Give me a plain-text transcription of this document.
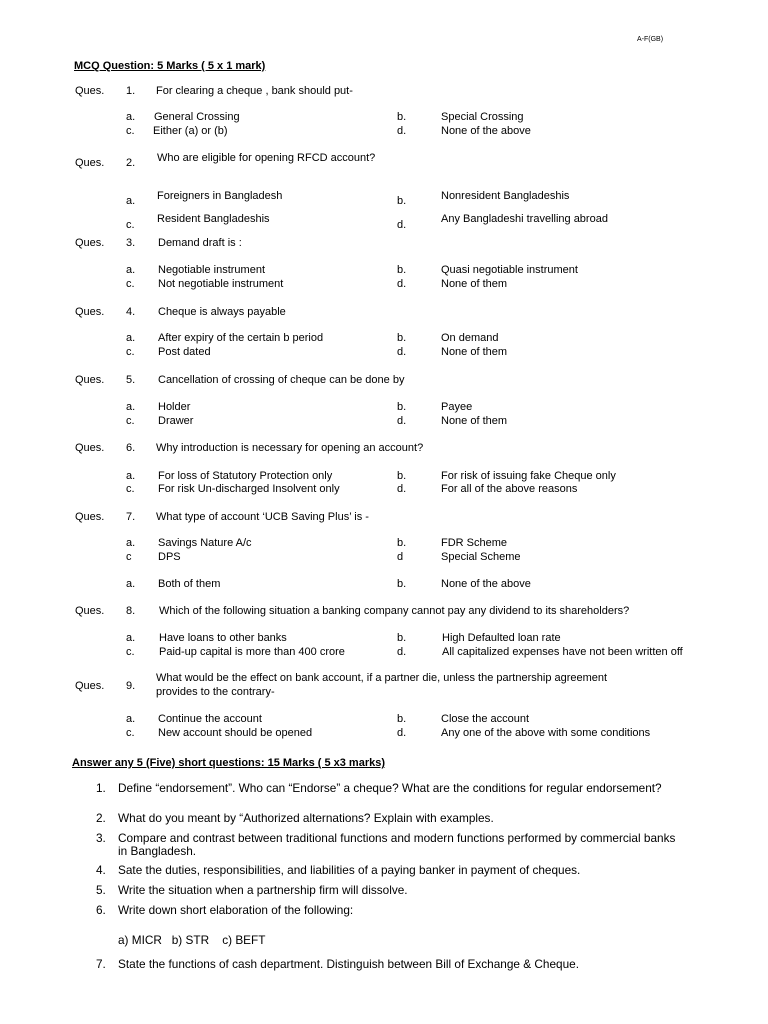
A-F(GB)
MCQ Question: 5 Marks ( 5 x 1 mark)
Ques. 1. For clearing a cheque , bank should put-
a. General Crossing	b.	Special Crossing
c. Either (a) or (b)	d.	None of the above
Ques. 2. Who are eligible for opening RFCD account?
a. Foreigners in Bangladesh	b.	Nonresident Bangladeshis
c. Resident Bangladeshis	d.	Any Bangladeshi travelling abroad
Ques. 3. Demand draft is :
a. Negotiable instrument	b.	Quasi negotiable instrument
c. Not negotiable instrument	d.	None of them
Ques. 4. Cheque is always payable
a. After expiry of the certain b period	b.	On demand
c. Post dated	d.	None of them
Ques. 5. Cancellation of crossing of cheque can be done by
a. Holder	b.	Payee
c. Drawer	d.	None of them
Ques. 6. Why introduction is necessary for opening an account?
a. For loss of Statutory Protection only	b.	For risk of issuing fake Cheque only
c. For risk Un-discharged Insolvent only	d.	For all of the above reasons
Ques. 7. What type of account ‘UCB Saving Plus’ is -
a. Savings Nature A/c	b.	FDR Scheme
c DPS	d	Special Scheme
a. Both of them	b.	None of the above
Ques. 8. Which of the following situation a banking company cannot pay any dividend to its shareholders?
a. Have loans to other banks	b.	High Defaulted loan rate
c. Paid-up capital is more than 400 crore	d.	All capitalized expenses have not been written off
Ques. 9.
What would be the effect on bank account, if a partner die, unless the partnership agreement
provides to the contrary-
a. Continue the account	b.	Close the account
c. New account should be opened	d.	Any one of the above with some conditions
Answer any 5 (Five) short questions: 15 Marks ( 5 x3 marks)
1. Define “endorsement”. Who can “Endorse” a cheque? What are the conditions for regular endorsement?
2. What do you meant by “Authorized alternations? Explain with examples.
3. Compare and contrast between traditional functions and modern functions performed by commercial banks in Bangladesh.
4. Sate the duties, responsibilities, and liabilities of a paying banker in payment of cheques.
5. Write the situation when a partnership firm will dissolve.
6. Write down short elaboration of the following:
a) MICR   b) STR    c) BEFT
7. State the functions of cash department. Distinguish between Bill of Exchange & Cheque.
